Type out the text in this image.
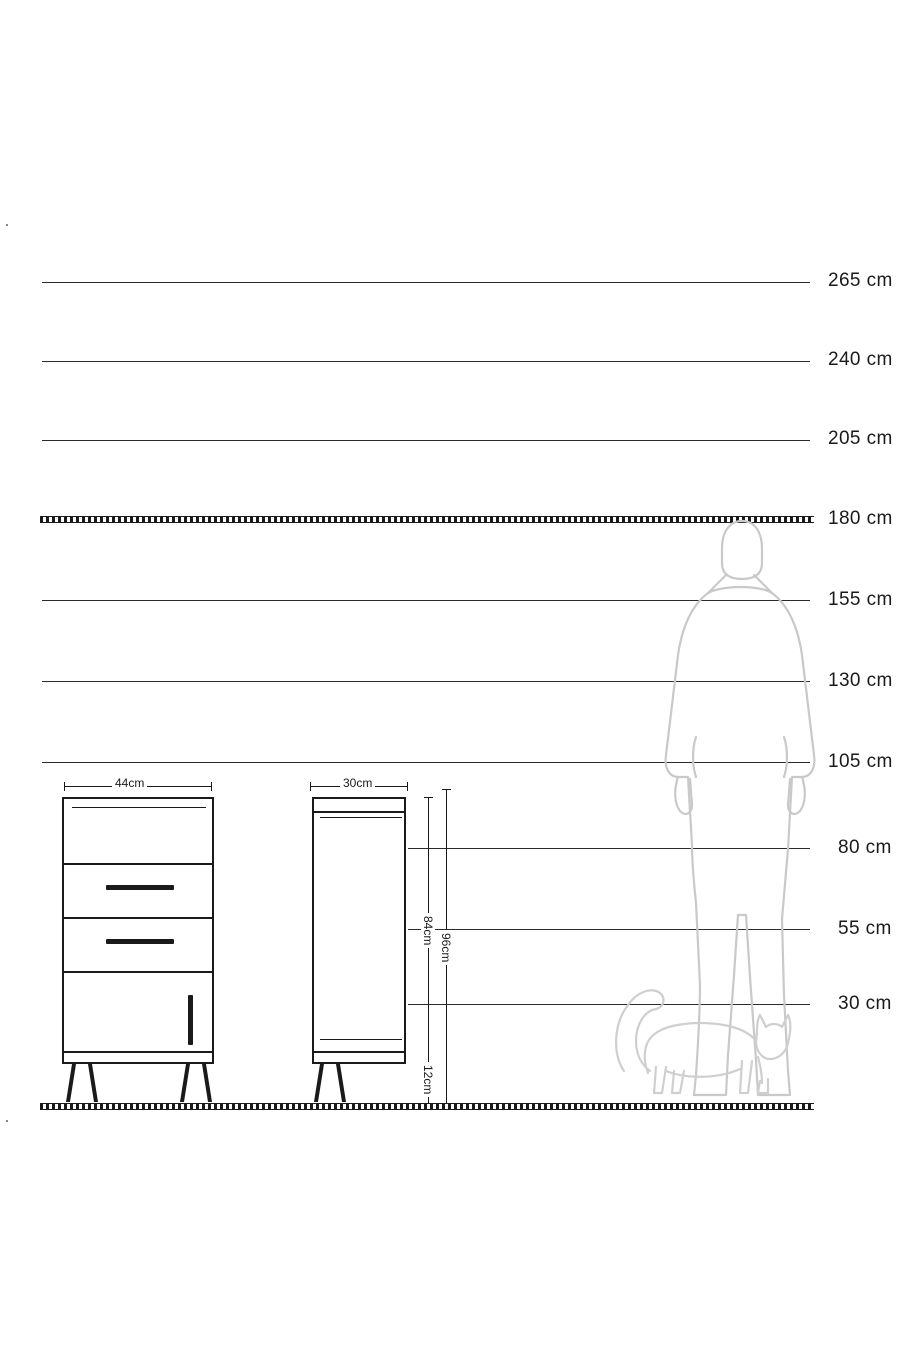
265 cm
240 cm
205 cm
180 cm
155 cm
130 cm
105 cm
80 cm
55 cm
30 cm
44cm	30cm
84cm
96cm
12cm
